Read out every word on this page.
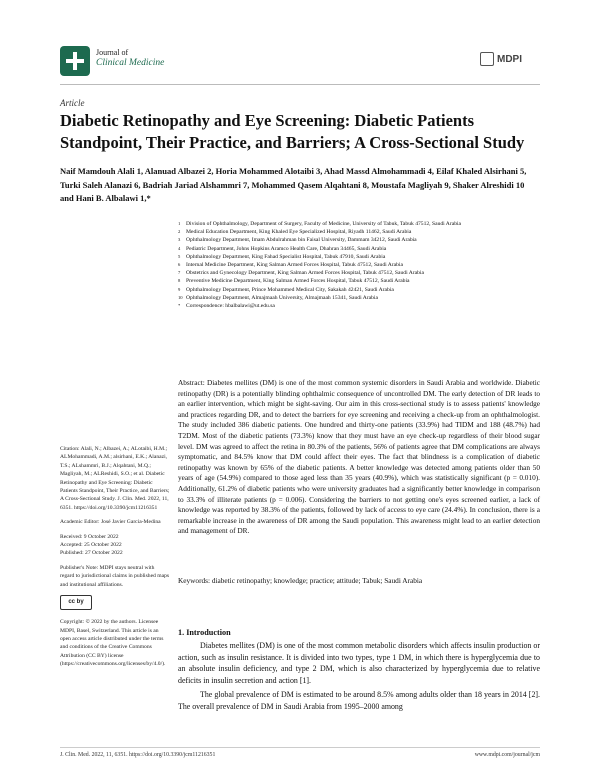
Journal of
Clinical Medicine	MDPI
Article
Diabetic Retinopathy and Eye Screening: Diabetic Patients Standpoint, Their Practice, and Barriers; A Cross-Sectional Study
Naif Mamdouh Alali 1, Alanuad Albazei 2, Horia Mohammed Alotaibi 3, Ahad Massd Almohammadi 4, Eilaf Khaled Alsirhani 5, Turki Saleh Alanazi 6, Badriah Jariad Alshammri 7, Mohammed Qasem Alqahtani 8, Moustafa Magliyah 9, Shaker Alreshidi 10 and Hani B. Albalawi 1,*
1	Division of Ophthalmology, Department of Surgery, Faculty of Medicine, University of Tabuk, Tabuk 47512, Saudi Arabia
2	Medical Education Department, King Khaled Eye Specialized Hospital, Riyadh 11462, Saudi Arabia
3	Ophthalmology Department, Imam Abdulrahman bin Faisal University, Dammam 34212, Saudi Arabia
4	Pediatric Department, Johns Hopkins Aramco Health Care, Dhahran 34465, Saudi Arabia
5	Ophthalmology Department, King Fahad Specialist Hospital, Tabuk 47910, Saudi Arabia
6	Internal Medicine Department, King Salman Armed Forces Hospital, Tabuk 47512, Saudi Arabia
7	Obstetrics and Gynecology Department, King Salman Armed Forces Hospital, Tabuk 47512, Saudi Arabia
8	Preventive Medicine Department, King Salman Armed Forces Hospital, Tabuk 47512, Saudi Arabia
9	Ophthalmology Department, Prince Mohammed Medical City, Sakakah 42421, Saudi Arabia
10 Ophthalmology Department, Almajmaah University, Almajmaah 15341, Saudi Arabia
*	Correspondence: hbalbalawi@ut.edu.sa
Abstract: Diabetes mellites (DM) is one of the most common systemic disorders in Saudi Arabia and worldwide. Diabetic retinopathy (DR) is a potentially blinding ophthalmic consequence of uncontrolled DM. The early detection of DR leads to an earlier intervention, which might be sight-saving. Our aim in this cross-sectional study is to assess patients' knowledge and practices regarding DR, and to detect the barriers for eye screening and receiving a check-up from an ophthalmologist. The study included 386 diabetic patients. One hundred and thirty-one patients (33.9%) had TIDM and 188 (48.7%) had T2DM. Most of the diabetic patients (73.3%) know that they must have an eye check-up regardless of their blood sugar level. DM was agreed to affect the retina in 80.3% of the patients, 56% of patients agree that DM complications are always symptomatic, and 84.5% know that DM could affect their eyes. The fact that blindness is a complication of diabetic retinopathy was known by 65% of the diabetic patients. A better knowledge was detected among patients older than 50 years of age (54.9%) compared to those aged less than 35 years (40.9%), which was statistically significant (p = 0.010). Additionally, 61.2% of diabetic patients who were university graduates had a significantly better knowledge in comparison to 33.3% of illiterate patients (p = 0.006). Considering the barriers to not getting one's eyes screened earlier, a lack of knowledge was reported by 38.3% of the patients, followed by lack of access to eye care (24.4%). In conclusion, there is a remarkable increase in the awareness of DR among the Saudi population. This awareness might lead to an earlier detection and management of DR.
Keywords: diabetic retinopathy; knowledge; practice; attitude; Tabuk; Saudi Arabia

Citation: Alali, N.; Albazei, A.; ALotaibi, H.M.; ALMohammadi, A.M.; alsirhani, E.K.; Alanazi, T.S.; ALshammri, B.J.; Alqahtani, M.Q.; Magliyah, M.; ALReshidi, S.O.; et al. Diabetic Retinopathy and Eye Screening: Diabetic Patients Standpoint, Their Practice, and Barriers; A Cross-Sectional Study. J. Clin. Med. 2022, 11, 6351. https://doi.org/10.3390/jcm11216351

Academic Editor: José Javier Garcia-Medina

Received: 9 October 2022

Accepted: 25 October 2022

Published: 27 October 2022

Publisher's Note: MDPI stays neutral with regard to jurisdictional claims in published maps and institutional affiliations.

cc by

Copyright: © 2022 by the authors. Licensee MDPI, Basel, Switzerland. This article is an open access article distributed under the terms and conditions of the Creative Commons Attribution (CC BY) license (https://creativecommons.org/licenses/by/4.0/).

1. Introduction

Diabetes mellites (DM) is one of the most common metabolic disorders which affects insulin production or action, such as insulin resistance. It is divided into two types, type 1 DM, in which there is hyperglycemia due to an absolute insulin deficiency, and type 2 DM, which is also characterized by hyperglycemia due to relative deficits in insulin secretion and action [1].

The global prevalence of DM is estimated to be around 8.5% among adults older than 18 years in 2014 [2]. The overall prevalence of DM in Saudi Arabia from 1995–2000 among

J. Clin. Med. 2022, 11, 6351. https://doi.org/10.3390/jcm11216351	www.mdpi.com/journal/jcm
